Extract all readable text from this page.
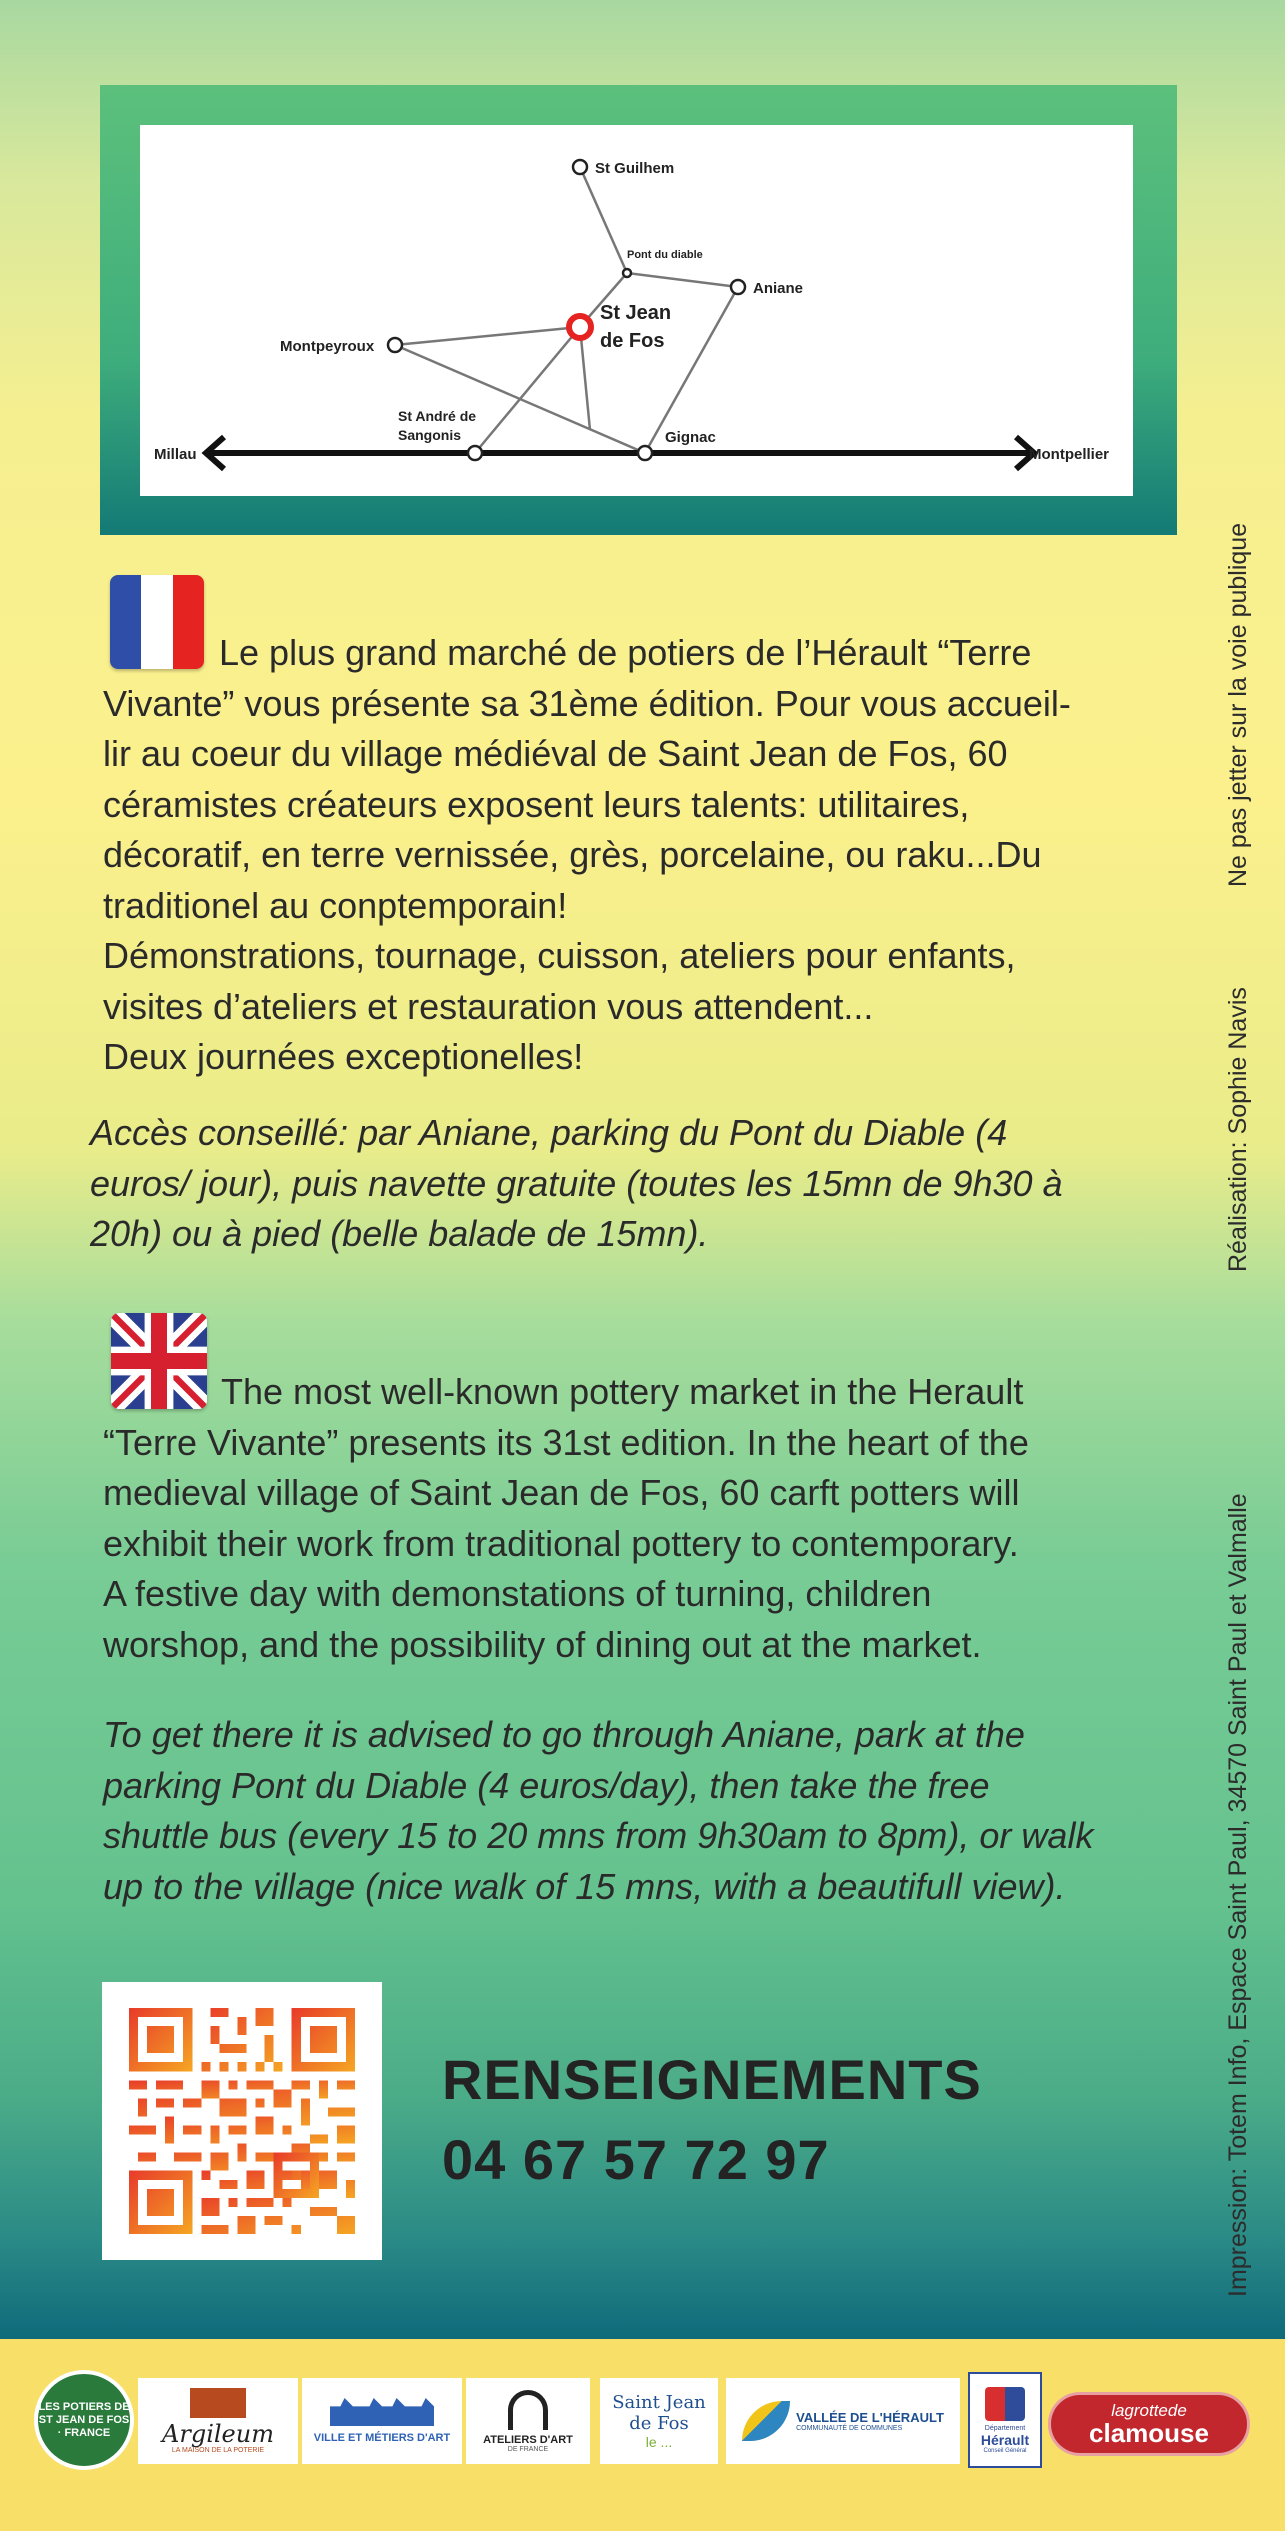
St Guilhem
Pont du diable
Aniane
St Jean
de Fos
Montpeyroux
St André de
Sangonis	Gignac
Millau	Montpellier
Le plus grand marché de potiers de l’Hérault “Terre
Vivante” vous présente sa 31ème édition. Pour vous accueil-
lir au coeur du village médiéval de Saint Jean de Fos, 60
céramistes créateurs exposent leurs talents: utilitaires,
décoratif, en terre vernissée, grès, porcelaine, ou raku...Du
traditionel au conptemporain!
Démonstrations, tournage, cuisson, ateliers pour enfants,
visites d’ateliers et restauration vous attendent...
Deux journées exceptionelles!
Accès conseillé: par Aniane, parking du Pont du Diable (4
euros/ jour), puis navette gratuite (toutes les 15mn de 9h30 à
20h) ou à pied (belle balade de 15mn).
The most well-known pottery market in the Herault
“Terre Vivante” presents its 31st edition. In the heart of the
medieval village of Saint Jean de Fos, 60 carft potters will
exhibit their work from traditional pottery to contemporary.
A festive day with demonstations of turning, children
worshop, and the possibility of dining out at the market.
To get there it is advised to go through Aniane, park at the
parking Pont du Diable (4 euros/day), then take the free
shuttle bus (every 15 to 20 mns from 9h30am to 8pm), or walk
up to the village (nice walk of 15 mns, with a beautifull view).
RENSEIGNEMENTS
04 67 57 72 97
Ne pas jetter sur la voie publique
Réalisation: Sophie Navis
Impression: Totem Info, Espace Saint Paul, 34570 Saint Paul et Valmalle
LES POTIERS DE ST JEAN DE FOS · FRANCE	Argileum
LA MAISON DE LA POTERIE
VILLE ET MÉTIERS D'ART	ATELIERS D'ART
DE FRANCE
Saint Jean de Fos
le ...
VALLÉE DE L'HÉRAULT
COMMUNAUTÉ DE COMMUNES	Département
Hérault
Conseil Général
lagrottede
clamouse
